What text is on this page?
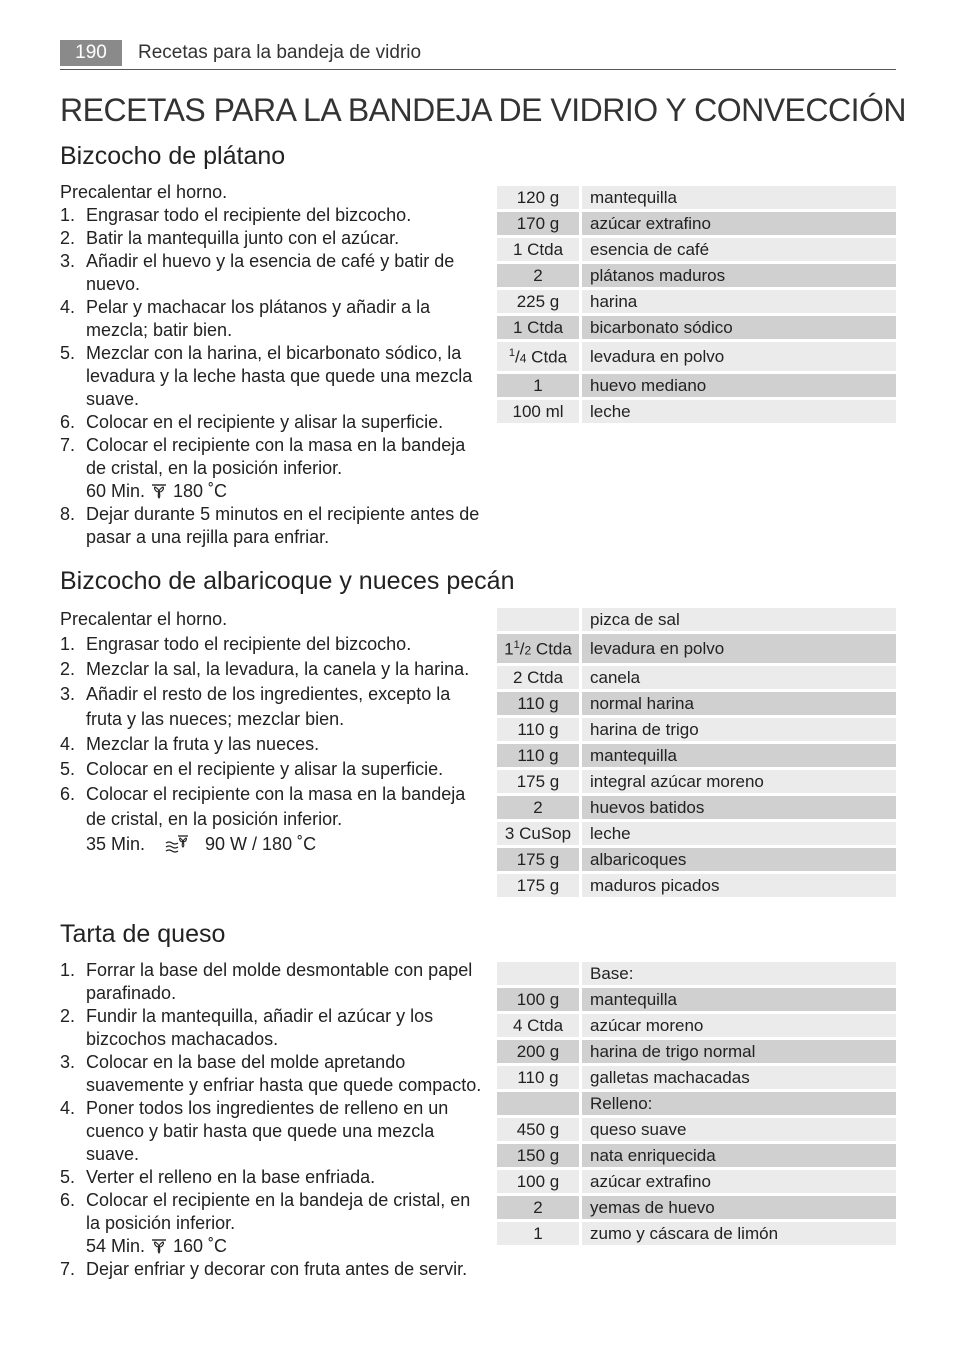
190	Recetas para la bandeja de vidrio
RECETAS PARA LA BANDEJA DE VIDRIO Y CONVECCIÓN
Bizcocho de plátano

Precalentar el horno.

1. Engrasar todo el recipiente del bizcocho.
2. Batir la mantequilla junto con el azúcar.
3. Añadir el huevo y la esencia de café y batir de nuevo.
4. Pelar y machacar los plátanos y añadir a la mezcla; batir bien.
5. Mezclar con la harina, el bicarbonato sódico, la levadura y la leche hasta que quede una mezcla suave.
6. Colocar en el recipiente y alisar la superficie.
7. Colocar el recipiente con la masa en la bandeja de cristal, en la posición inferior.
60 Min. 180 ˚C
8. Dejar durante 5 minutos en el recipiente antes de pasar a una rejilla para enfriar.
120 g	mantequilla
170 g	azúcar extrafino
1 Ctda	esencia de café
2	plátanos maduros
225 g	harina
1 Ctda	bicarbonato sódico
$^1$/4 Ctda	levadura en polvo
1	huevo mediano
100 ml	leche
Bizcocho de albaricoque y nueces pecán

Precalentar el horno.

1. Engrasar todo el recipiente del bizcocho.
2. Mezclar la sal, la levadura, la canela y la harina.
3. Añadir el resto de los ingredientes, excepto la fruta y las nueces; mezclar bien.
4. Mezclar la fruta y las nueces.
5. Colocar en el recipiente y alisar la superficie.
6. Colocar el recipiente con la masa en la bandeja de cristal, en la posición inferior.
35 Min.	90 W / 180 ˚C
	pizca de sal
$1^1/2$ Ctda	levadura en polvo
2 Ctda	canela
110 g	normal harina
110 g	harina de trigo
110 g	mantequilla
175 g	integral azúcar moreno
2	huevos batidos
3 CuSop	leche
175 g	albaricoques
175 g	maduros picados
Tarta de queso
1. Forrar la base del molde desmontable con papel parafinado.
2. Fundir la mantequilla, añadir el azúcar y los bizcochos machacados.
3. Colocar en la base del molde apretando suavemente y enfriar hasta que quede compacto.
4. Poner todos los ingredientes de relleno en un cuenco y batir hasta que quede una mezcla suave.
5. Verter el relleno en la base enfriada.
6. Colocar el recipiente en la bandeja de cristal, en la posición inferior.
54 Min. 160 ˚C
7. Dejar enfriar y decorar con fruta antes de servir.
	Base:
100 g	mantequilla
4 Ctda	azúcar moreno
200 g	harina de trigo normal
110 g	galletas machacadas
	Relleno:
450 g	queso suave
150 g	nata enriquecida
100 g	azúcar extrafino
2	yemas de huevo
1	zumo y cáscara de limón
